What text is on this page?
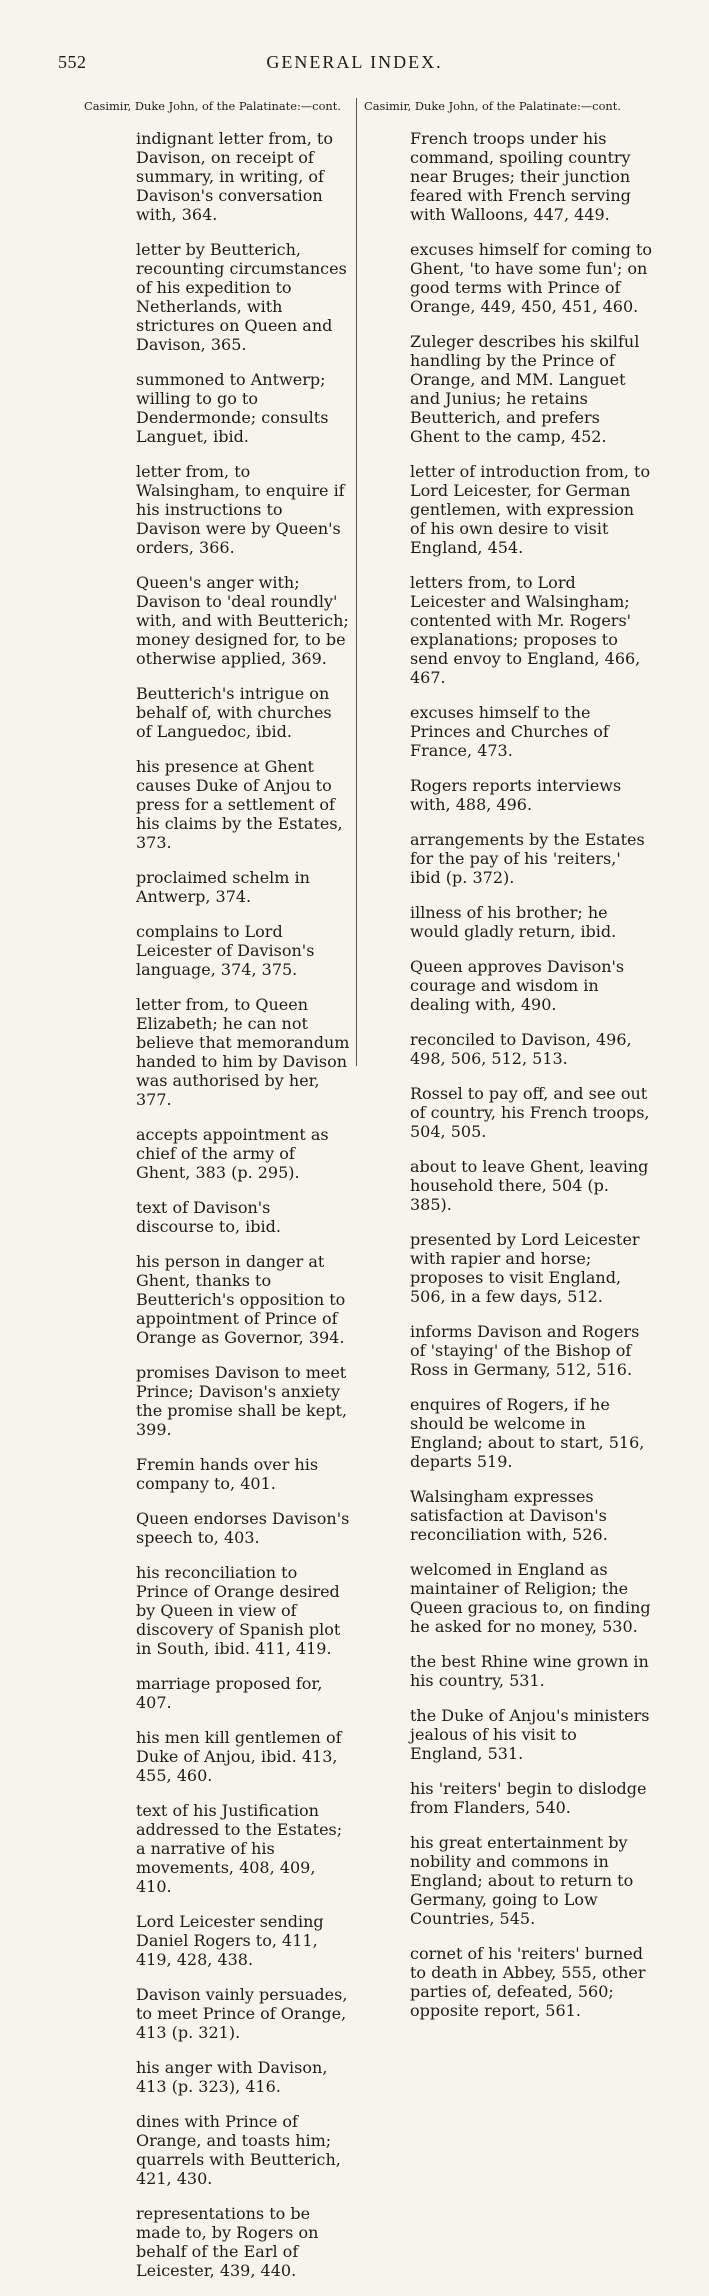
552	GENERAL INDEX.
Casimir, Duke John, of the Palatinate:—cont.

indignant letter from, to Davison, on receipt of summary, in writing, of Davison's conversation with, 364.

letter by Beutterich, recounting circumstances of his expedition to Netherlands, with strictures on Queen and Davison, 365.

summoned to Antwerp; willing to go to Dendermonde; consults Languet, ibid.

letter from, to Walsingham, to enquire if his instructions to Davison were by Queen's orders, 366.

Queen's anger with; Davison to 'deal roundly' with, and with Beutterich; money designed for, to be otherwise applied, 369.

Beutterich's intrigue on behalf of, with churches of Languedoc, ibid.

his presence at Ghent causes Duke of Anjou to press for a settlement of his claims by the Estates, 373.

proclaimed schelm in Antwerp, 374.

complains to Lord Leicester of Davison's language, 374, 375.

letter from, to Queen Elizabeth; he can not believe that memorandum handed to him by Davison was authorised by her, 377.

accepts appointment as chief of the army of Ghent, 383 (p. 295).

text of Davison's discourse to, ibid.

his person in danger at Ghent, thanks to Beutterich's opposition to appointment of Prince of Orange as Governor, 394.

promises Davison to meet Prince; Davison's anxiety the promise shall be kept, 399.

Fremin hands over his company to, 401.

Queen endorses Davison's speech to, 403.

his reconciliation to Prince of Orange desired by Queen in view of discovery of Spanish plot in South, ibid. 411, 419.

marriage proposed for, 407.

his men kill gentlemen of Duke of Anjou, ibid. 413, 455, 460.

text of his Justification addressed to the Estates; a narrative of his movements, 408, 409, 410.

Lord Leicester sending Daniel Rogers to, 411, 419, 428, 438.

Davison vainly persuades, to meet Prince of Orange, 413 (p. 321).

his anger with Davison, 413 (p. 323), 416.

dines with Prince of Orange, and toasts him; quarrels with Beutterich, 421, 430.

representations to be made to, by Rogers on behalf of the Earl of Leicester, 439, 440.

Casimir, Duke John, of the Palatinate:—cont.

French troops under his command, spoiling country near Bruges; their junction feared with French serving with Walloons, 447, 449.

excuses himself for coming to Ghent, 'to have some fun'; on good terms with Prince of Orange, 449, 450, 451, 460.

Zuleger describes his skilful handling by the Prince of Orange, and MM. Languet and Junius; he retains Beutterich, and prefers Ghent to the camp, 452.

letter of introduction from, to Lord Leicester, for German gentlemen, with expression of his own desire to visit England, 454.

letters from, to Lord Leicester and Walsingham; contented with Mr. Rogers' explanations; proposes to send envoy to England, 466, 467.

excuses himself to the Princes and Churches of France, 473.

Rogers reports interviews with, 488, 496.

arrangements by the Estates for the pay of his 'reiters,' ibid (p. 372).

illness of his brother; he would gladly return, ibid.

Queen approves Davison's courage and wisdom in dealing with, 490.

reconciled to Davison, 496, 498, 506, 512, 513.

Rossel to pay off, and see out of country, his French troops, 504, 505.

about to leave Ghent, leaving household there, 504 (p. 385).

presented by Lord Leicester with rapier and horse; proposes to visit England, 506, in a few days, 512.

informs Davison and Rogers of 'staying' of the Bishop of Ross in Germany, 512, 516.

enquires of Rogers, if he should be welcome in England; about to start, 516, departs 519.

Walsingham expresses satisfaction at Davison's reconciliation with, 526.

welcomed in England as maintainer of Religion; the Queen gracious to, on finding he asked for no money, 530.

the best Rhine wine grown in his country, 531.

the Duke of Anjou's ministers jealous of his visit to England, 531.

his 'reiters' begin to dislodge from Flanders, 540.

his great entertainment by nobility and commons in England; about to return to Germany, going to Low Countries, 545.

cornet of his 'reiters' burned to death in Abbey, 555, other parties of, defeated, 560; opposite report, 561.
